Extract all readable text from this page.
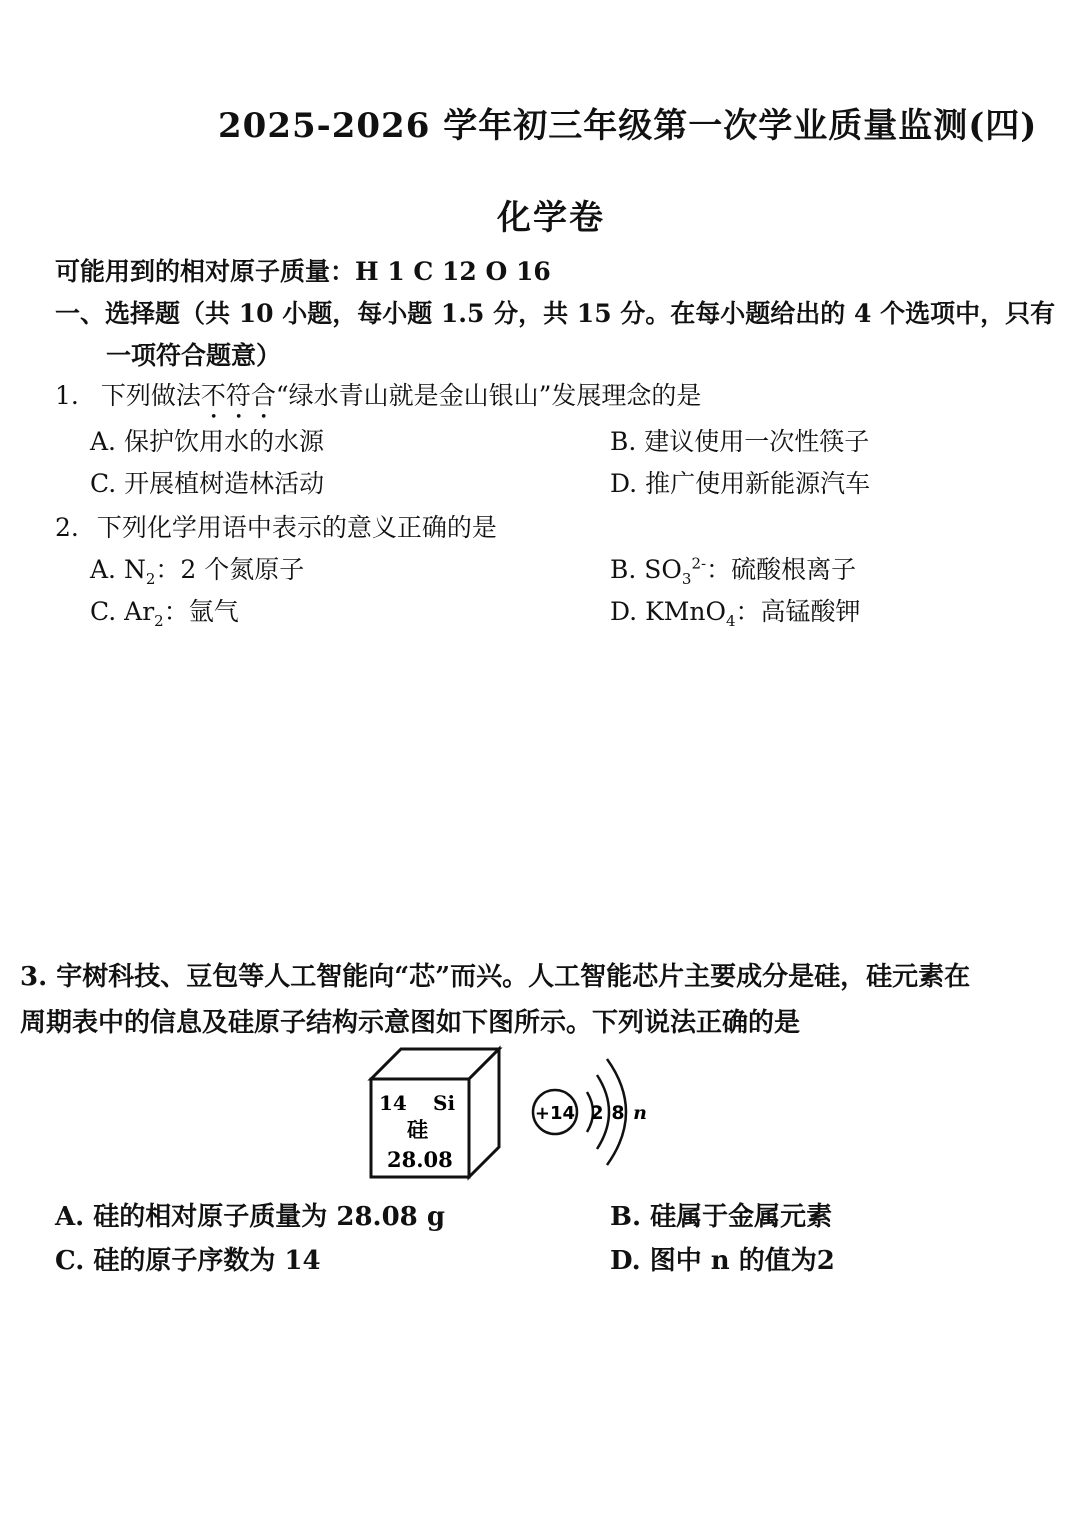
2025-2026 学年初三年级第一次学业质量监测(四)
化学卷
可能用到的相对原子质量：H 1 C 12 O 16
一、选择题（共 10 小题，每小题 1.5 分，共 15 分。在每小题给出的 4 个选项中，只有
一项符合题意）
1. 下列做法不符合“绿水青山就是金山银山”发展理念的是
A. 保护饮用水的水源	B. 建议使用一次性筷子
C. 开展植树造林活动	D. 推广使用新能源汽车
2. 下列化学用语中表示的意义正确的是
A. $N_2$：2 个氮原子	B. $SO_3^{2-}$：硫酸根离子
C. $Ar_2$：氩气	D. KMnO$_4$：高锰酸钾
3. 宇树科技、豆包等人工智能向“芯”而兴。人工智能芯片主要成分是硅，硅元素在
周期表中的信息及硅原子结构示意图如下图所示。下列说法正确的是
14 Si
硅
28.08
+14 2 8 n
A. 硅的相对原子质量为 28.08 g	B. 硅属于金属元素
C. 硅的原子序数为 14	D. 图中 n 的值为2
